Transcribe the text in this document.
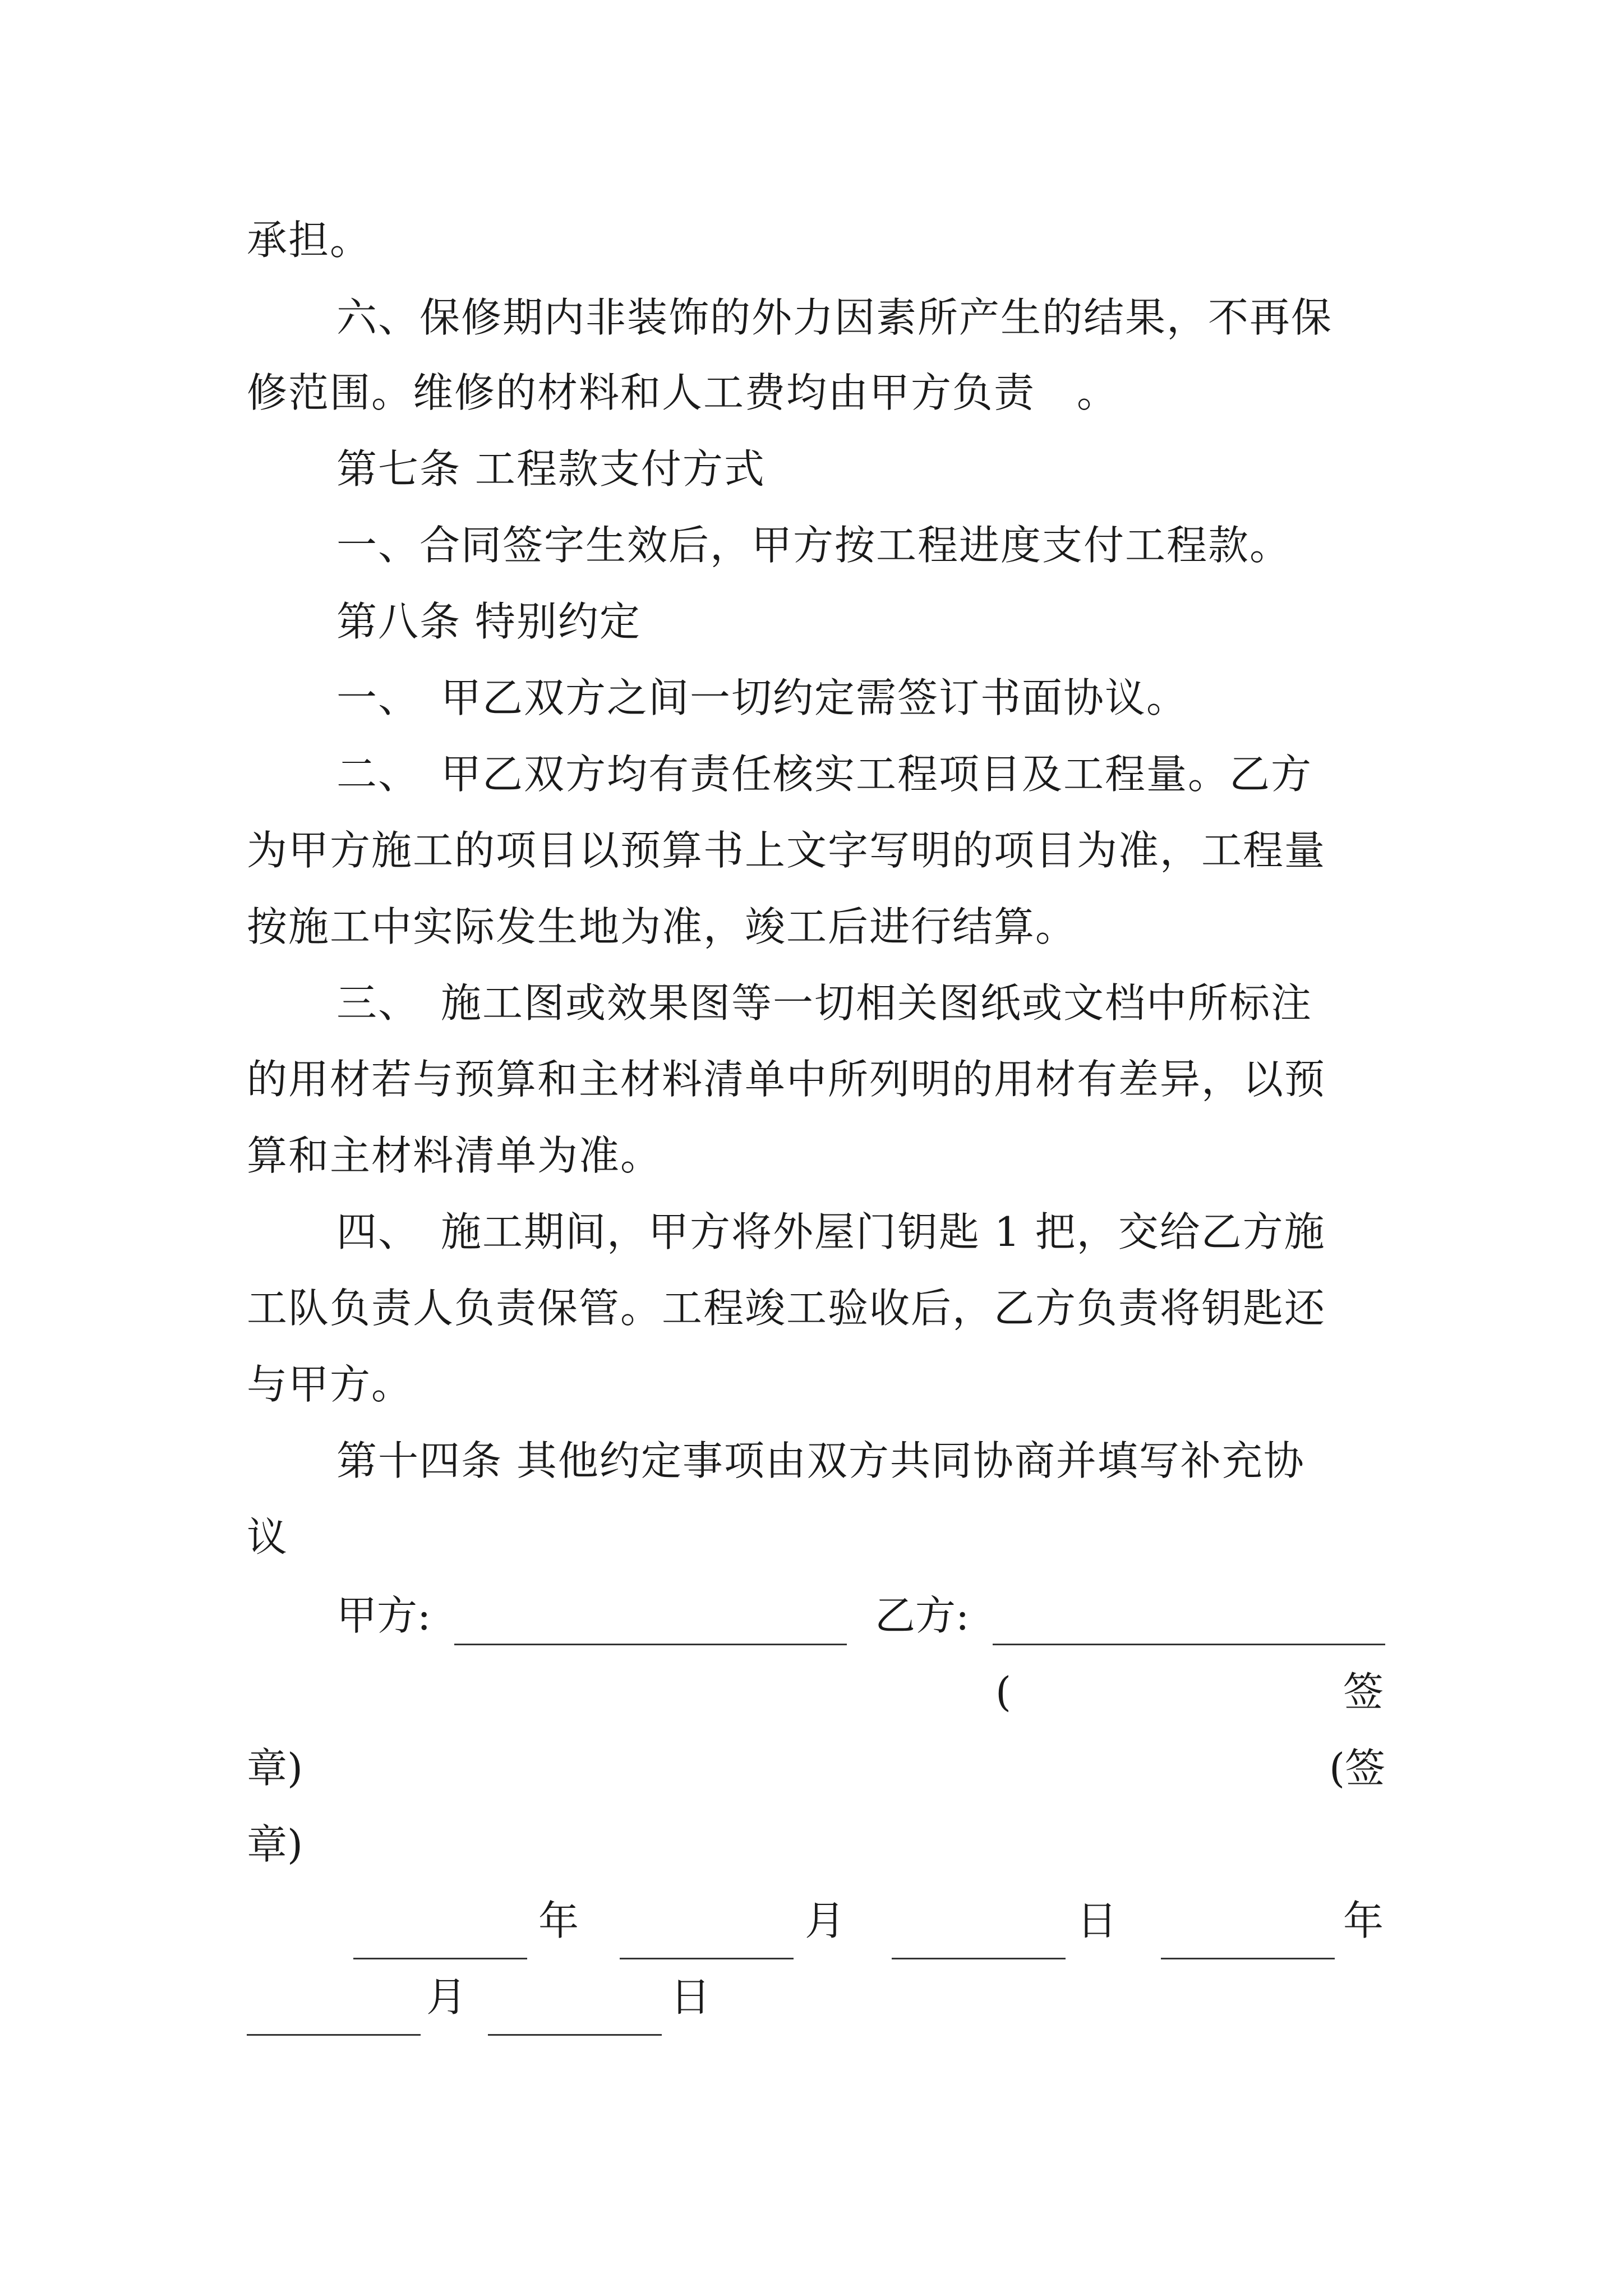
承担。
六、保修期内非装饰的外力因素所产生的结果，不再保
修范围。维修的材料和人工费均由甲方负责　。
第七条 工程款支付方式
一、合同签字生效后，甲方按工程进度支付工程款。
第八条 特别约定
一、　甲乙双方之间一切约定需签订书面协议。
二、　甲乙双方均有责任核实工程项目及工程量。乙方
为甲方施工的项目以预算书上文字写明的项目为准，工程量
按施工中实际发生地为准，竣工后进行结算。
三、　施工图或效果图等一切相关图纸或文档中所标注
的用材若与预算和主材料清单中所列明的用材有差异，以预
算和主材料清单为准。
四、　施工期间，甲方将外屋门钥匙 1 把，交给乙方施
工队负责人负责保管。工程竣工验收后，乙方负责将钥匙还
与甲方。
第十四条 其他约定事项由双方共同协商并填写补充协
议
甲方:	乙方:
(	签
章)	(签
章)
年	月	日	年
月	日
